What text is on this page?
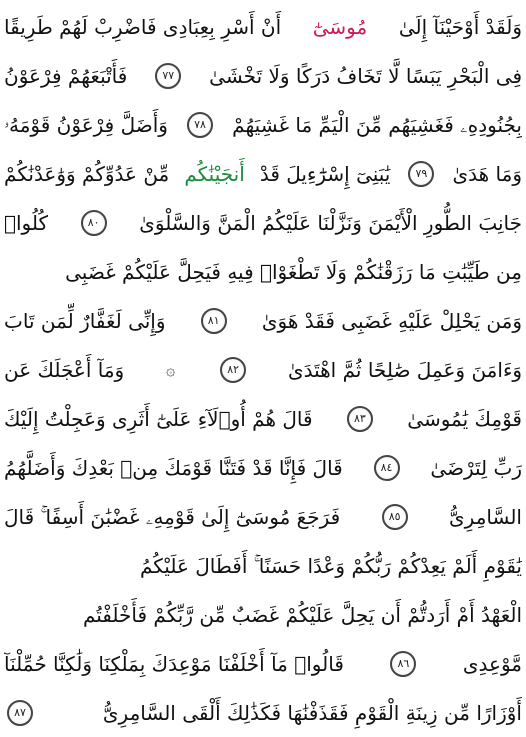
وَلَقَدْ أَوْحَيْنَآ إِلَىٰ
مُوسَىٰٓ
أَنْ أَسْرِ بِعِبَادِى فَاضْرِبْ لَهُمْ طَرِيقًا
فِى الْبَحْرِ يَبَسًا لَّا تَخَافُ دَرَكًا وَلَا تَخْشَىٰ
٧٧
فَأَتْبَعَهُمْ فِرْعَوْنُ
بِجُنُودِهِۦ فَغَشِيَهُم مِّنَ الْيَمِّ مَا غَشِيَهُمْ
٧٨
وَأَضَلَّ فِرْعَوْنُ قَوْمَهُۥ
وَمَا هَدَىٰ
٧٩
يَٰبَنِىٓ إِسْرَٰٓءِيلَ قَدْ
أَنجَيْنَٰكُم
مِّنْ عَدُوِّكُمْ وَوَٰعَدْنَٰكُمْ
جَانِبَ الطُّورِ الْأَيْمَنَ وَنَزَّلْنَا عَلَيْكُمُ الْمَنَّ وَالسَّلْوَىٰ
٨٠
كُلُوا۟
مِن طَيِّبَٰتِ مَا رَزَقْنَٰكُمْ وَلَا تَطْغَوْا۟ فِيهِ فَيَحِلَّ عَلَيْكُمْ غَضَبِى
وَمَن يَحْلِلْ عَلَيْهِ غَضَبِى فَقَدْ هَوَىٰ
٨١
وَإِنِّى لَغَفَّارٌ لِّمَن تَابَ
وَءَامَنَ وَعَمِلَ صَٰلِحًا ثُمَّ اهْتَدَىٰ
٨٢
۞
وَمَآ أَعْجَلَكَ عَن
قَوْمِكَ يَٰمُوسَىٰ
٨٣
قَالَ هُمْ أُو۟لَآءِ عَلَىٰٓ أَثَرِى وَعَجِلْتُ إِلَيْكَ
رَبِّ لِتَرْضَىٰ
٨٤
قَالَ فَإِنَّا قَدْ فَتَنَّا قَوْمَكَ مِنۢ بَعْدِكَ وَأَضَلَّهُمُ
السَّامِرِىُّ
٨٥
فَرَجَعَ مُوسَىٰٓ إِلَىٰ قَوْمِهِۦ غَضْبَٰنَ أَسِفًا ۚ قَالَ
يَٰقَوْمِ أَلَمْ يَعِدْكُمْ رَبُّكُمْ وَعْدًا حَسَنًا ۚ أَفَطَالَ عَلَيْكُمُ
الْعَهْدُ أَمْ أَرَدتُّمْ أَن يَحِلَّ عَلَيْكُمْ غَضَبٌ مِّن رَّبِّكُمْ فَأَخْلَفْتُم
مَّوْعِدِى
٨٦
قَالُوا۟ مَآ أَخْلَفْنَا مَوْعِدَكَ بِمَلْكِنَا وَلَٰكِنَّا حُمِّلْنَآ
أَوْزَارًا مِّن زِينَةِ الْقَوْمِ فَقَذَفْنَٰهَا فَكَذَٰلِكَ أَلْقَى السَّامِرِىُّ
٨٧
